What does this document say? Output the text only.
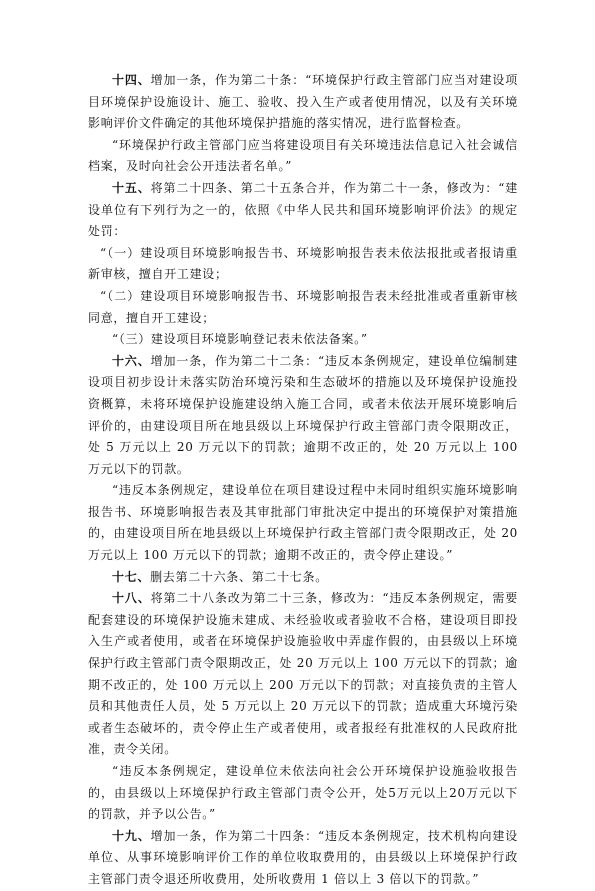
十四、增加一条，作为第二十条：“环境保护行政主管部门应当对建设项目环境保护设施设计、施工、验收、投入生产或者使用情况，以及有关环境影响评价文件确定的其他环境保护措施的落实情况，进行监督检查。

“环境保护行政主管部门应当将建设项目有关环境违法信息记入社会诚信档案，及时向社会公开违法者名单。”

十五、将第二十四条、第二十五条合并，作为第二十一条，修改为：“建设单位有下列行为之一的，依照《中华人民共和国环境影响评价法》的规定处罚：

“（一）建设项目环境影响报告书、环境影响报告表未依法报批或者报请重新审核，擅自开工建设；

“（二）建设项目环境影响报告书、环境影响报告表未经批准或者重新审核同意，擅自开工建设；

“（三）建设项目环境影响登记表未依法备案。”

十六、增加一条，作为第二十二条：“违反本条例规定，建设单位编制建设项目初步设计未落实防治环境污染和生态破坏的措施以及环境保护设施投资概算，未将环境保护设施建设纳入施工合同，或者未依法开展环境影响后评价的，由建设项目所在地县级以上环境保护行政主管部门责令限期改正，处 5 万元以上 20 万元以下的罚款；逾期不改正的，处 20 万元以上 100 万元以下的罚款。

“违反本条例规定，建设单位在项目建设过程中未同时组织实施环境影响报告书、环境影响报告表及其审批部门审批决定中提出的环境保护对策措施的，由建设项目所在地县级以上环境保护行政主管部门责令限期改正，处 20 万元以上 100 万元以下的罚款；逾期不改正的，责令停止建设。”

十七、删去第二十六条、第二十七条。

十八、将第二十八条改为第二十三条，修改为：“违反本条例规定，需要配套建设的环境保护设施未建成、未经验收或者验收不合格，建设项目即投入生产或者使用，或者在环境保护设施验收中弄虚作假的，由县级以上环境保护行政主管部门责令限期改正，处 20 万元以上 100 万元以下的罚款；逾期不改正的，处 100 万元以上 200 万元以下的罚款；对直接负责的主管人员和其他责任人员，处 5 万元以上 20 万元以下的罚款；造成重大环境污染或者生态破坏的，责令停止生产或者使用，或者报经有批准权的人民政府批准，责令关闭。

“违反本条例规定，建设单位未依法向社会公开环境保护设施验收报告的，由县级以上环境保护行政主管部门责令公开，处5万元以上20万元以下的罚款，并予以公告。”

十九、增加一条，作为第二十四条：“违反本条例规定，技术机构向建设单位、从事环境影响评价工作的单位收取费用的，由县级以上环境保护行政主管部门责令退还所收费用，处所收费用 1 倍以上 3 倍以下的罚款。”
